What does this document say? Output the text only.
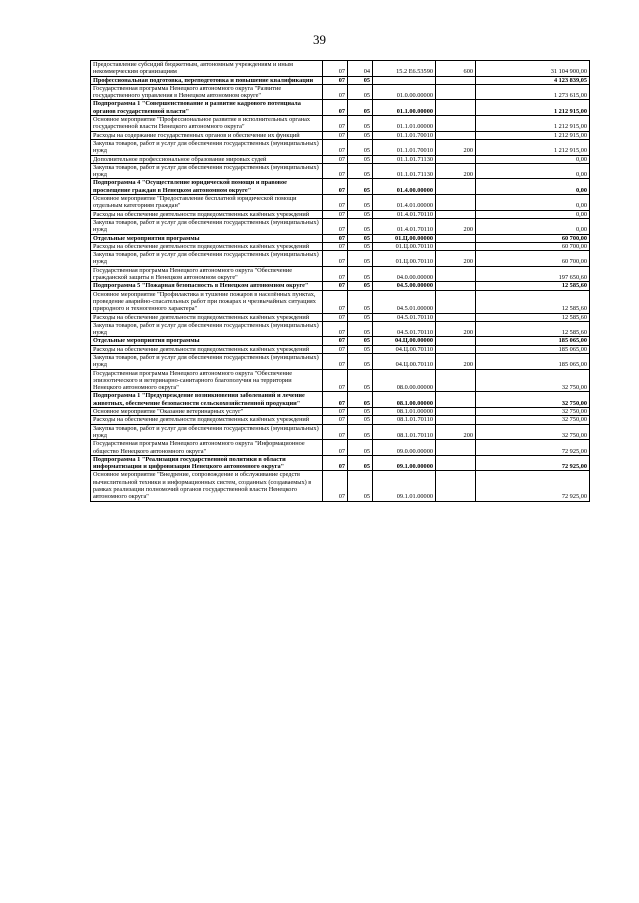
39
Предоставление субсидий бюджетным, автономным учреждениям и иным некоммерческим организациям	07	04	15.2 E6.53590	600	31 104 900,00
Профессиональная подготовка, переподготовка и повышение квалификации	07	05			4 123 839,05
Государственная программа Ненецкого автономного округа "Развитие государственного управления в Ненецком автономном округе"	07	05	01.0.00.00000		1 273 615,00
Подпрограмма 1 "Совершенствование и развитие кадрового потенциала органов государственной власти"	07	05	01.1.00.00000		1 212 915,00
Основное мероприятие "Профессиональное развитие в исполнительных органах государственной власти Ненецкого автономного округа"	07	05	01.1.01.00000		1 212 915,00
Расходы на содержание государственных органов и обеспечение их функций	07	05	01.1.01.70010		1 212 915,00
Закупка товаров, работ и услуг для обеспечения государственных (муниципальных) нужд	07	05	01.1.01.70010	200	1 212 915,00
Дополнительное профессиональное образование мировых судей	07	05	01.1.01.71130		0,00
Закупка товаров, работ и услуг для обеспечения государственных (муниципальных) нужд	07	05	01.1.01.71130	200	0,00
Подпрограмма 4 "Осуществление юридической помощи и правовое просвещение граждан в Ненецком автономном округе"	07	05	01.4.00.00000		0,00
Основное мероприятие "Предоставление бесплатной юридической помощи отдельным категориям граждан"	07	05	01.4.01.00000		0,00
Расходы на обеспечение деятельности подведомственных казённых учреждений	07	05	01.4.01.70110		0,00
Закупка товаров, работ и услуг для обеспечения государственных (муниципальных) нужд	07	05	01.4.01.70110	200	0,00
Отдельные мероприятия программы	07	05	01.Ц.00.00000		60 700,00
Расходы на обеспечение деятельности подведомственных казённых учреждений	07	05	01.Ц.00.70110		60 700,00
Закупка товаров, работ и услуг для обеспечения государственных (муниципальных) нужд	07	05	01.Ц.00.70110	200	60 700,00
Государственная программа Ненецкого автономного округа "Обеспечение гражданской защиты в Ненецком автономном округе"	07	05	04.0.00.00000		197 650,60
Подпрограмма 5 "Пожарная безопасность в Ненецком автономном округе"	07	05	04.5.00.00000		12 585,60
Основное мероприятие "Профилактика и тушение пожаров в населённых пунктах, проведение аварийно-спасательных работ при пожарах и чрезвычайных ситуациях природного и техногенного характера"	07	05	04.5.01.00000		12 585,60
Расходы на обеспечение деятельности подведомственных казённых учреждений	07	05	04.5.01.70110		12 585,60
Закупка товаров, работ и услуг для обеспечения государственных (муниципальных) нужд	07	05	04.5.01.70110	200	12 585,60
Отдельные мероприятия программы	07	05	04.Ц.00.00000		185 065,00
Расходы на обеспечение деятельности подведомственных казённых учреждений	07	05	04.Ц.00.70110		185 065,00
Закупка товаров, работ и услуг для обеспечения государственных (муниципальных) нужд	07	05	04.Ц.00.70110	200	185 065,00
Государственная программа Ненецкого автономного округа "Обеспечение эпизоотического и ветеринарно-санитарного благополучия на территории Ненецкого автономного округа"	07	05	08.0.00.00000		32 750,00
Подпрограмма 1 "Предупреждение возникновения заболеваний и лечение животных, обеспечение безопасности сельскохозяйственной продукции"	07	05	08.1.00.00000		32 750,00
Основное мероприятие "Оказание ветеринарных услуг"	07	05	08.1.01.00000		32 750,00
Расходы на обеспечение деятельности подведомственных казённых учреждений	07	05	08.1.01.70110		32 750,00
Закупка товаров, работ и услуг для обеспечения государственных (муниципальных) нужд	07	05	08.1.01.70110	200	32 750,00
Государственная программа Ненецкого автономного округа "Информационное общество Ненецкого автономного округа"	07	05	09.0.00.00000		72 925,00
Подпрограмма 1 "Реализация государственной политики в области информатизации и цифровизации Ненецкого автономного округа"	07	05	09.1.00.00000		72 925,00
Основное мероприятие "Внедрение, сопровождение и обслуживание средств вычислительной техники и информационных систем, созданных (создаваемых) в рамках реализации полномочий органов государственной власти Ненецкого автономного округа"	07	05	09.1.01.00000		72 925,00
